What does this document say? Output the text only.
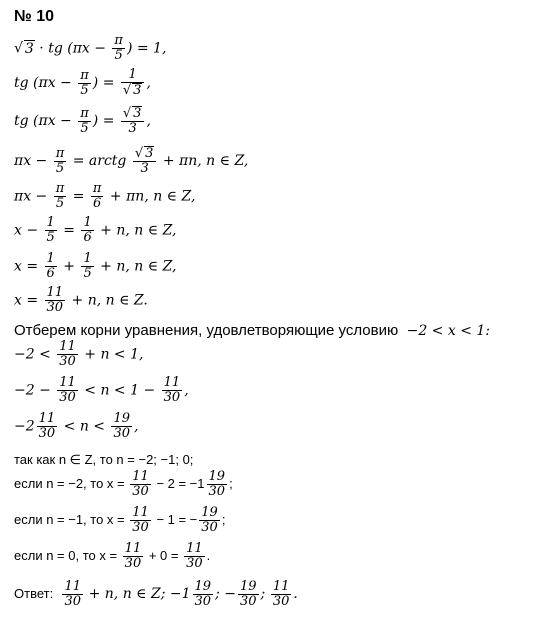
№ 10
√ 3 · tg ($\pi x - \frac{\pi}{5}$ ) = 1,
tg ($\pi x - \frac{\pi}{5}$ ) = $\frac{1}{√ 3}$ ,
tg ($\pi x - \frac{\pi}{5}$ ) = $\frac{√ 3}{3}$ ,
$\pi x - \frac{\pi}{5}$ = arctg $\frac{√ 3}{3} + \pi n$, n ∈ Z,
$\pi x - \frac{\pi}{5} = \frac{\pi}{6} + \pi n$, n ∈ Z,
$x - \frac{1}{5} = \frac{1}{6} + n$, n ∈ Z,
$x = \frac{1}{6} + \frac{1}{5} + n$, n ∈ Z,
$x = \frac{11}{30} + n$, n ∈ Z.
Отберем корни уравнения, удовлетворяющие условию −2 < x < 1:
$-2 < \frac{11}{30} + n < 1$,
$-2 - \frac{11}{30} < n < 1 - \frac{11}{30}$ ,
$-2 \frac{11}{30} < n < \frac{19}{30}$ ,
так как n ∈ Z, то n = −2; −1; 0;
если n = −2, то $x = \frac{11}{30} - 2 = -1 \frac{19}{30}$ ;
если n = −1, то $x = \frac{11}{30} - 1$ = − $\frac{19}{30}$ ;
если n = 0, то $x = \frac{11}{30} + 0 = \frac{11}{30}$ .
Ответ: $\frac{11}{30} + n$, n ∈ Z; $-1 \frac{19}{30}$ ; − $\frac{19}{30}$ ; $\frac{11}{30}$ .
